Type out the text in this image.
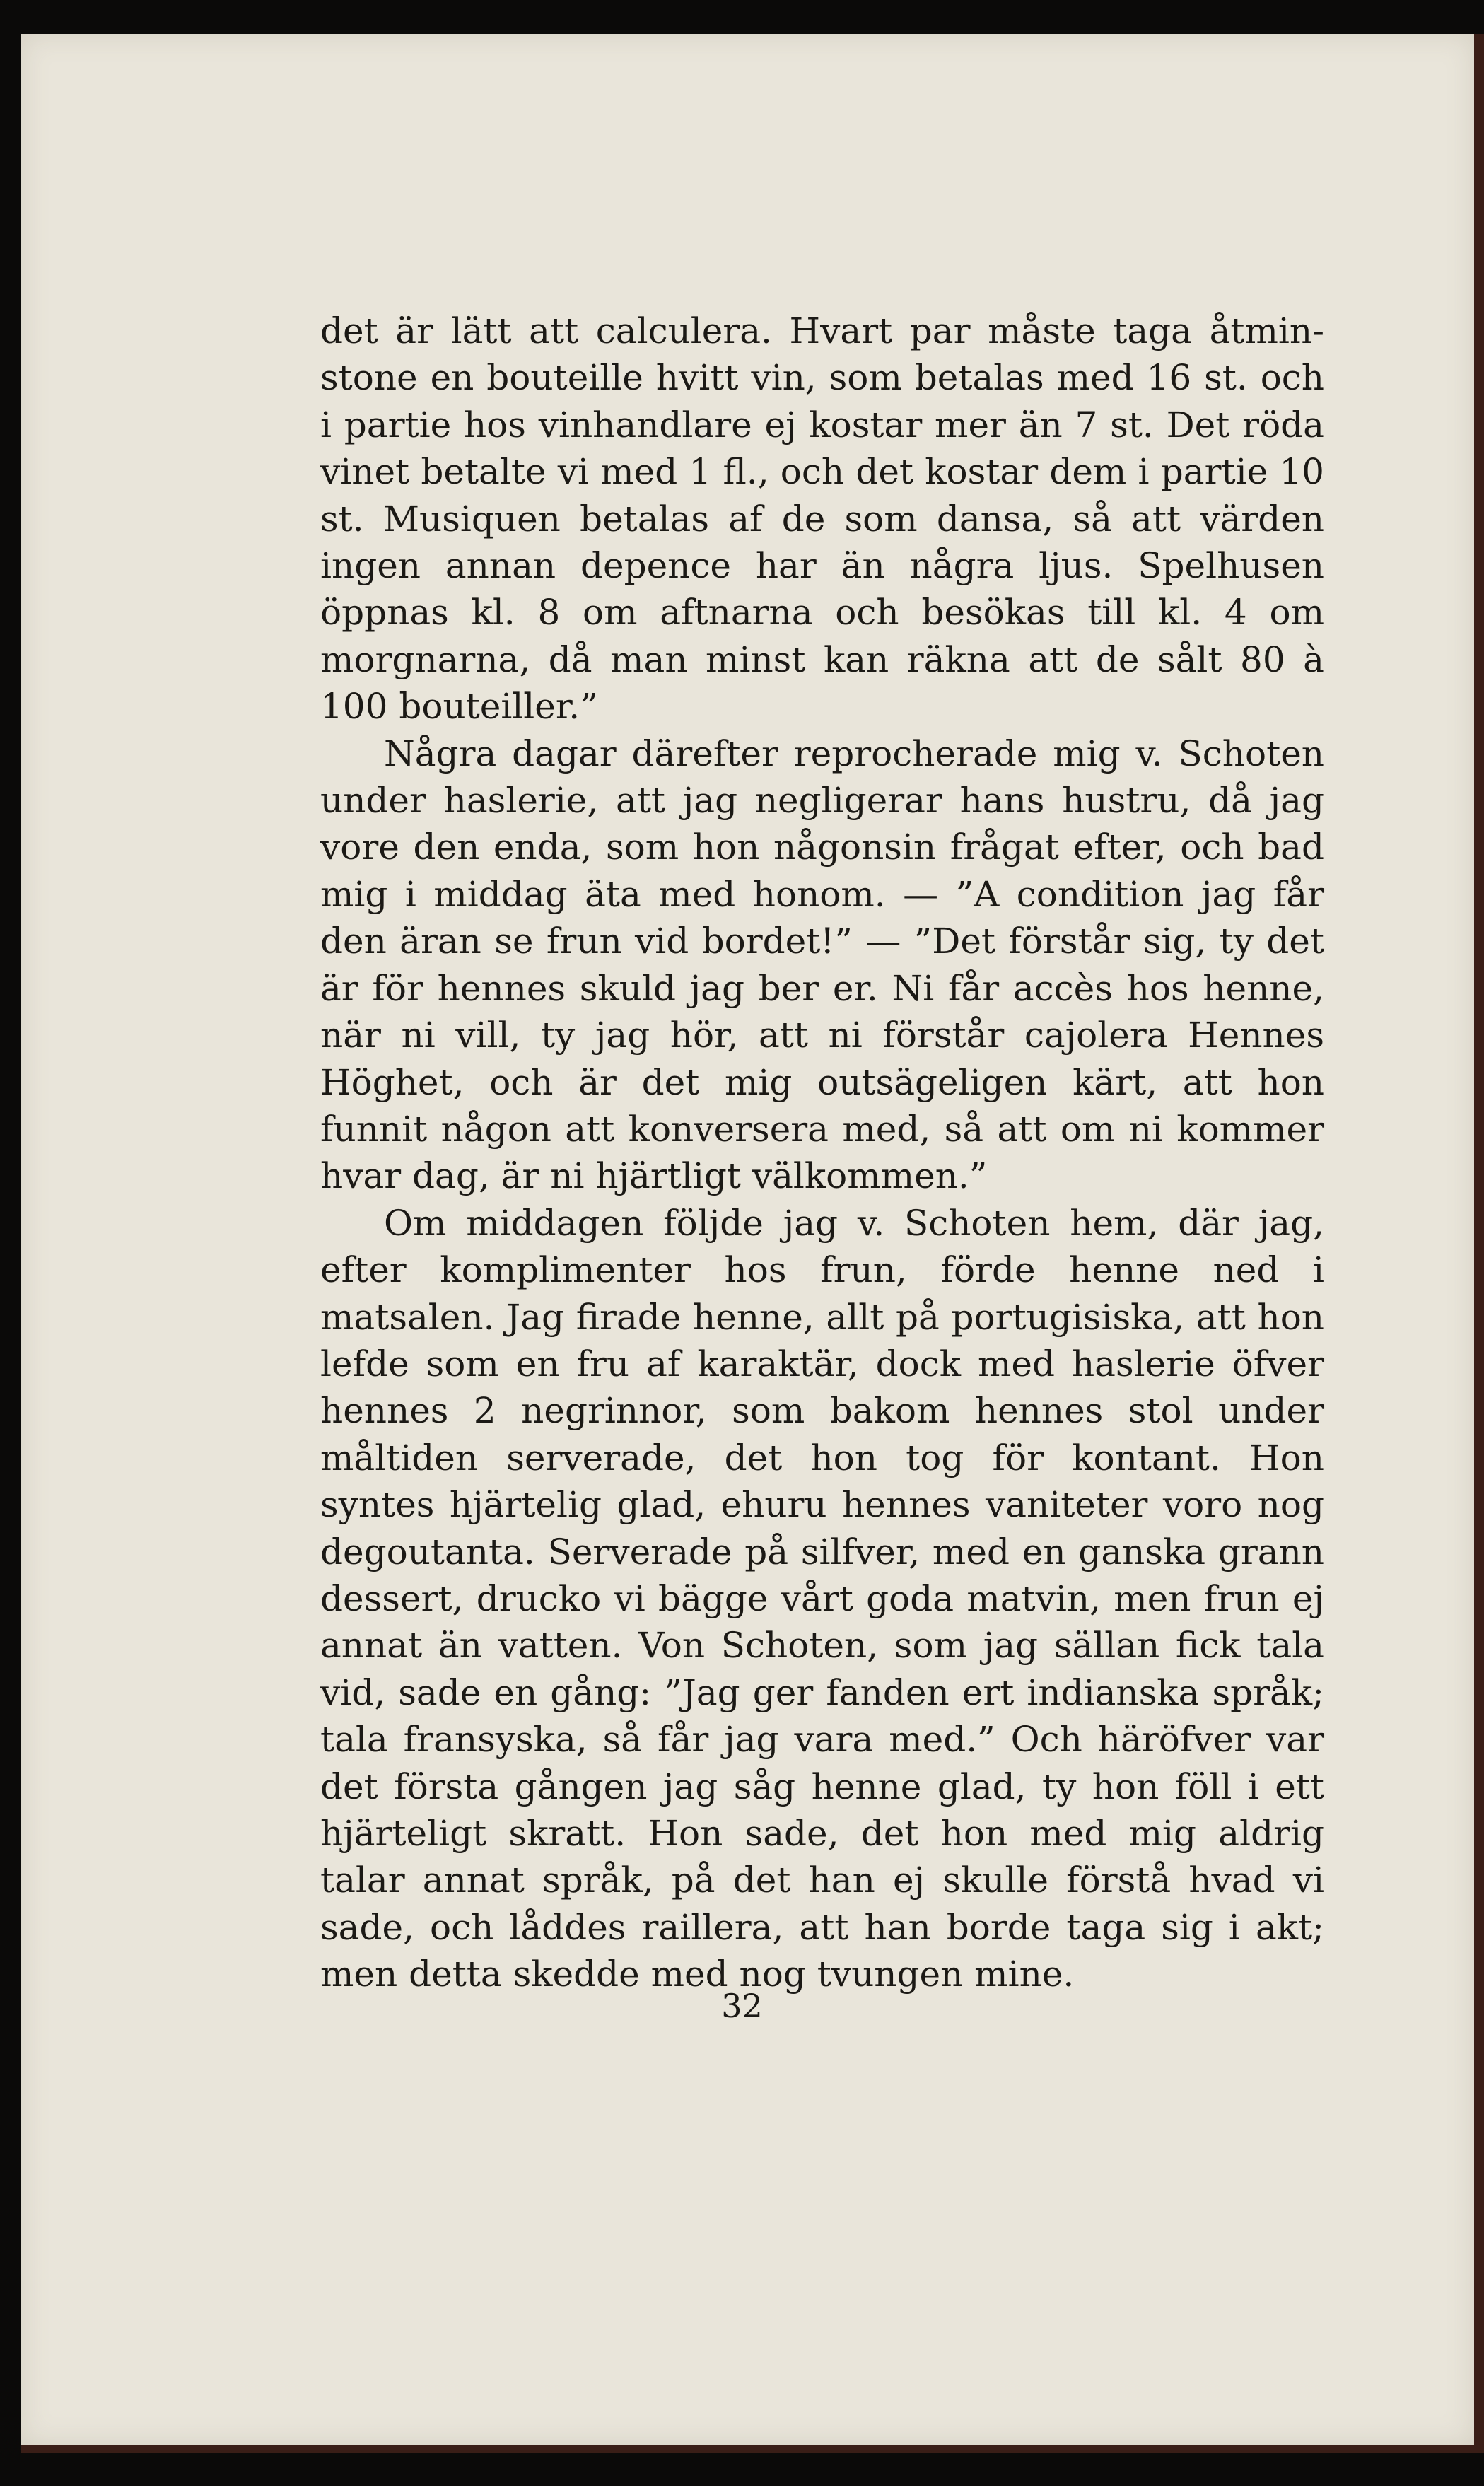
det är lätt att calculera. Hvart par måste taga åtminstone en bouteille hvitt vin, som betalas med 16 st. och i partie hos vinhandlare ej kostar mer än 7 st. Det röda vinet betalte vi med 1 fl., och det kostar dem i partie 10 st. Musiquen betalas af de som dansa, så att värden ingen annan depence har än några ljus. Spelhusen öppnas kl. 8 om aftnarna och besökas till kl. 4 om morgnarna, då man minst kan räkna att de sålt 80 à 100 bouteiller.”

Några dagar därefter reprocherade mig v. Schoten under haslerie, att jag negligerar hans hustru, då jag vore den enda, som hon någonsin frågat efter, och bad mig i middag äta med honom. — ”A condition jag får den äran se frun vid bordet!” — ”Det förstår sig, ty det är för hennes skuld jag ber er. Ni får accès hos henne, när ni vill, ty jag hör, att ni förstår cajolera Hennes Höghet, och är det mig outsägeligen kärt, att hon funnit någon att konversera med, så att om ni kommer hvar dag, är ni hjärtligt välkommen.”

Om middagen följde jag v. Schoten hem, där jag, efter komplimenter hos frun, förde henne ned i matsalen. Jag firade henne, allt på portugisiska, att hon lefde som en fru af karaktär, dock med haslerie öfver hennes 2 negrinnor, som bakom hennes stol under måltiden serverade, det hon tog för kontant. Hon syntes hjärtelig glad, ehuru hennes vaniteter voro nog degoutanta. Serverade på silfver, med en ganska grann dessert, drucko vi bägge vårt goda matvin, men frun ej annat än vatten. Von Schoten, som jag sällan fick tala vid, sade en gång: ”Jag ger fanden ert indianska språk; tala fransyska, så får jag vara med.” Och häröfver var det första gången jag såg henne glad, ty hon föll i ett hjärteligt skratt. Hon sade, det hon med mig aldrig talar annat språk, på det han ej skulle förstå hvad vi sade, och låddes raillera, att han borde taga sig i akt; men detta skedde med nog tvungen mine.

32
